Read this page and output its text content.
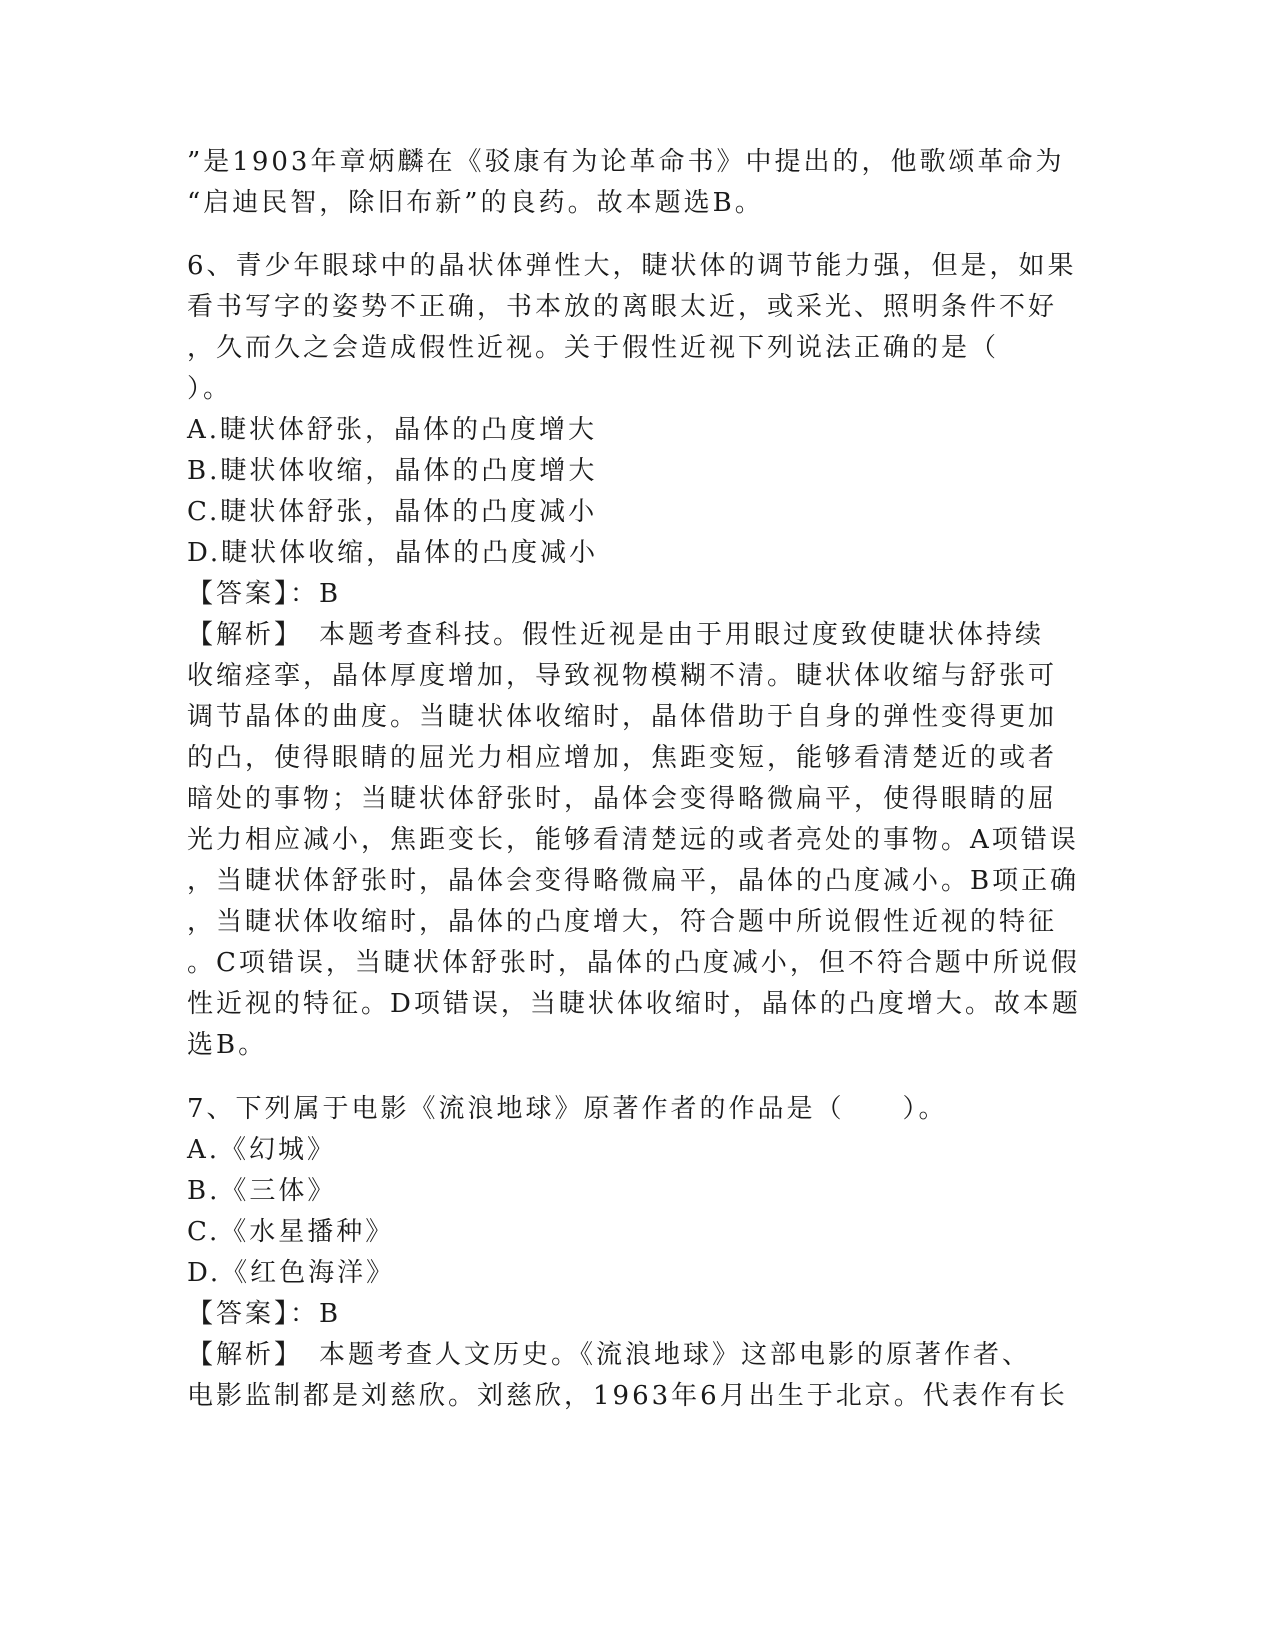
”是1903年章炳麟在《驳康有为论革命书》中提出的，他歌颂革命为
“启迪民智，除旧布新”的良药。故本题选B。
6、青少年眼球中的晶状体弹性大，睫状体的调节能力强，但是，如果
看书写字的姿势不正确，书本放的离眼太近，或采光、照明条件不好
，久而久之会造成假性近视。关于假性近视下列说法正确的是（
）。
A.睫状体舒张，晶体的凸度增大
B.睫状体收缩，晶体的凸度增大
C.睫状体舒张，晶体的凸度减小
D.睫状体收缩，晶体的凸度减小
【答案】：B
【解析】　本题考查科技。假性近视是由于用眼过度致使睫状体持续
收缩痉挛，晶体厚度增加，导致视物模糊不清。睫状体收缩与舒张可
调节晶体的曲度。当睫状体收缩时，晶体借助于自身的弹性变得更加
的凸，使得眼睛的屈光力相应增加，焦距变短，能够看清楚近的或者
暗处的事物；当睫状体舒张时，晶体会变得略微扁平，使得眼睛的屈
光力相应减小，焦距变长，能够看清楚远的或者亮处的事物。A项错误
，当睫状体舒张时，晶体会变得略微扁平，晶体的凸度减小。B项正确
，当睫状体收缩时，晶体的凸度增大，符合题中所说假性近视的特征
。C项错误，当睫状体舒张时，晶体的凸度减小，但不符合题中所说假
性近视的特征。D项错误，当睫状体收缩时，晶体的凸度增大。故本题
选B。
7、下列属于电影《流浪地球》原著作者的作品是（　　）。
A.《幻城》
B.《三体》
C.《水星播种》
D.《红色海洋》
【答案】：B
【解析】　本题考查人文历史。《流浪地球》这部电影的原著作者、
电影监制都是刘慈欣。刘慈欣，1963年6月出生于北京。代表作有长
